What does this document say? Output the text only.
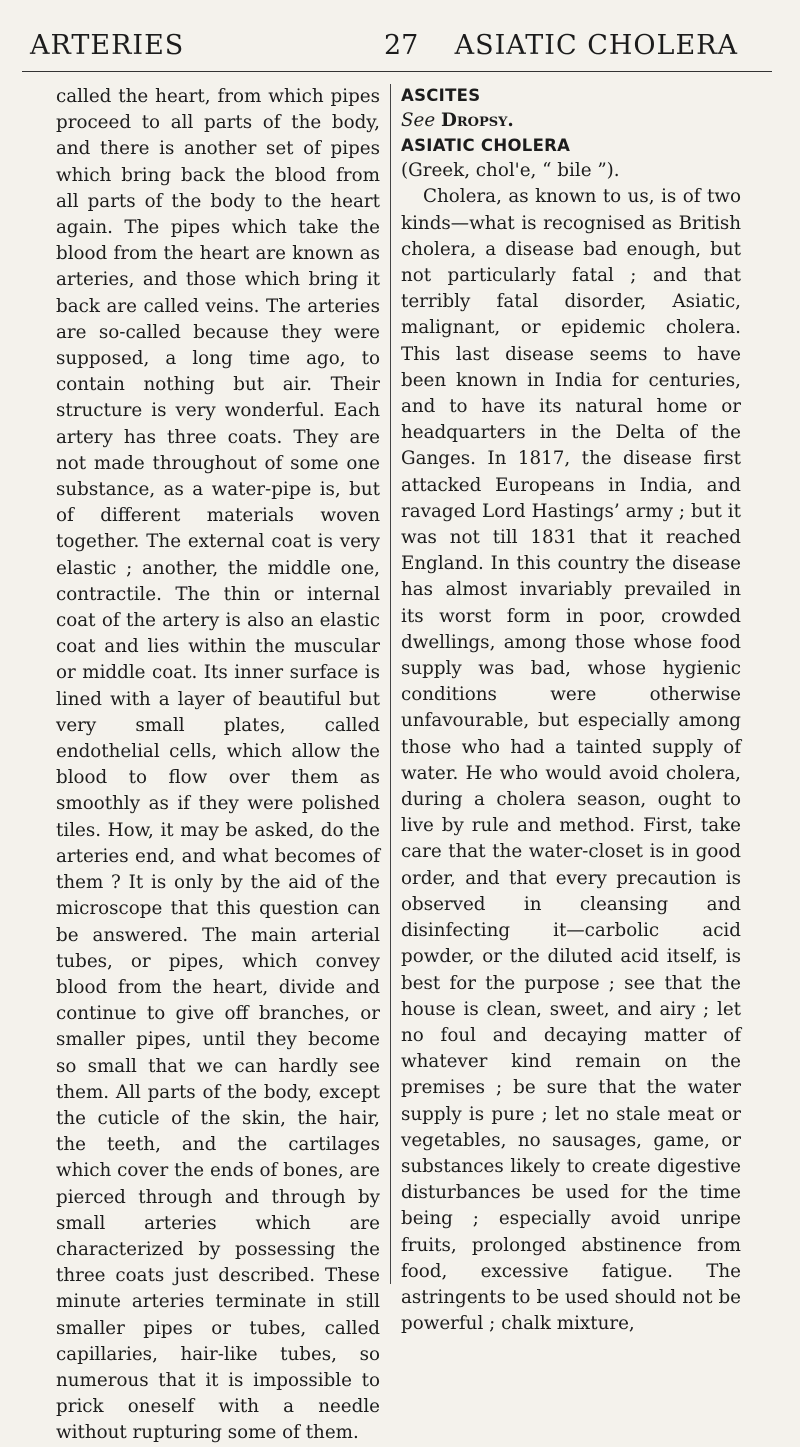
ARTERIES	27 ASIATIC CHOLERA

called the heart, from which pipes proceed to all parts of the body, and there is another set of pipes which bring back the blood from all parts of the body to the heart again. The pipes which take the blood from the heart are known as arteries, and those which bring it back are called veins. The arteries are so-called because they were supposed, a long time ago, to contain nothing but air. Their structure is very wonderful. Each artery has three coats. They are not made throughout of some one substance, as a water-pipe is, but of different materials woven together. The external coat is very elastic ; another, the middle one, contractile. The thin or internal coat of the artery is also an elastic coat and lies within the muscular or middle coat. Its inner surface is lined with a layer of beautiful but very small plates, called endothelial cells, which allow the blood to flow over them as smoothly as if they were polished tiles. How, it may be asked, do the arteries end, and what becomes of them ? It is only by the aid of the microscope that this question can be answered. The main arterial tubes, or pipes, which convey blood from the heart, divide and continue to give off branches, or smaller pipes, until they become so small that we can hardly see them. All parts of the body, except the cuticle of the skin, the hair, the teeth, and the cartilages which cover the ends of bones, are pierced through and through by small arteries which are characterized by possessing the three coats just described. These minute arteries terminate in still smaller pipes or tubes, called capillaries, hair-like tubes, so numerous that it is impossible to prick oneself with a needle without rupturing some of them.

ASCITES

See Dropsy.

ASIATIC CHOLERA

(Greek, chol'e, “ bile ”).

Cholera, as known to us, is of two kinds—what is recognised as British cholera, a disease bad enough, but not particularly fatal ; and that terribly fatal disorder, Asiatic, malignant, or epidemic cholera. This last disease seems to have been known in India for centuries, and to have its natural home or headquarters in the Delta of the Ganges. In 1817, the disease first attacked Europeans in India, and ravaged Lord Hastings’ army ; but it was not till 1831 that it reached England. In this country the disease has almost invariably prevailed in its worst form in poor, crowded dwellings, among those whose food supply was bad, whose hygienic conditions were otherwise unfavourable, but especially among those who had a tainted supply of water. He who would avoid cholera, during a cholera season, ought to live by rule and method. First, take care that the water-closet is in good order, and that every precaution is observed in cleansing and disinfecting it—carbolic acid powder, or the diluted acid itself, is best for the purpose ; see that the house is clean, sweet, and airy ; let no foul and decaying matter of whatever kind remain on the premises ; be sure that the water supply is pure ; let no stale meat or vegetables, no sausages, game, or substances likely to create digestive disturbances be used for the time being ; especially avoid unripe fruits, prolonged abstinence from food, excessive fatigue. The astringents to be used should not be powerful ; chalk mixture,
